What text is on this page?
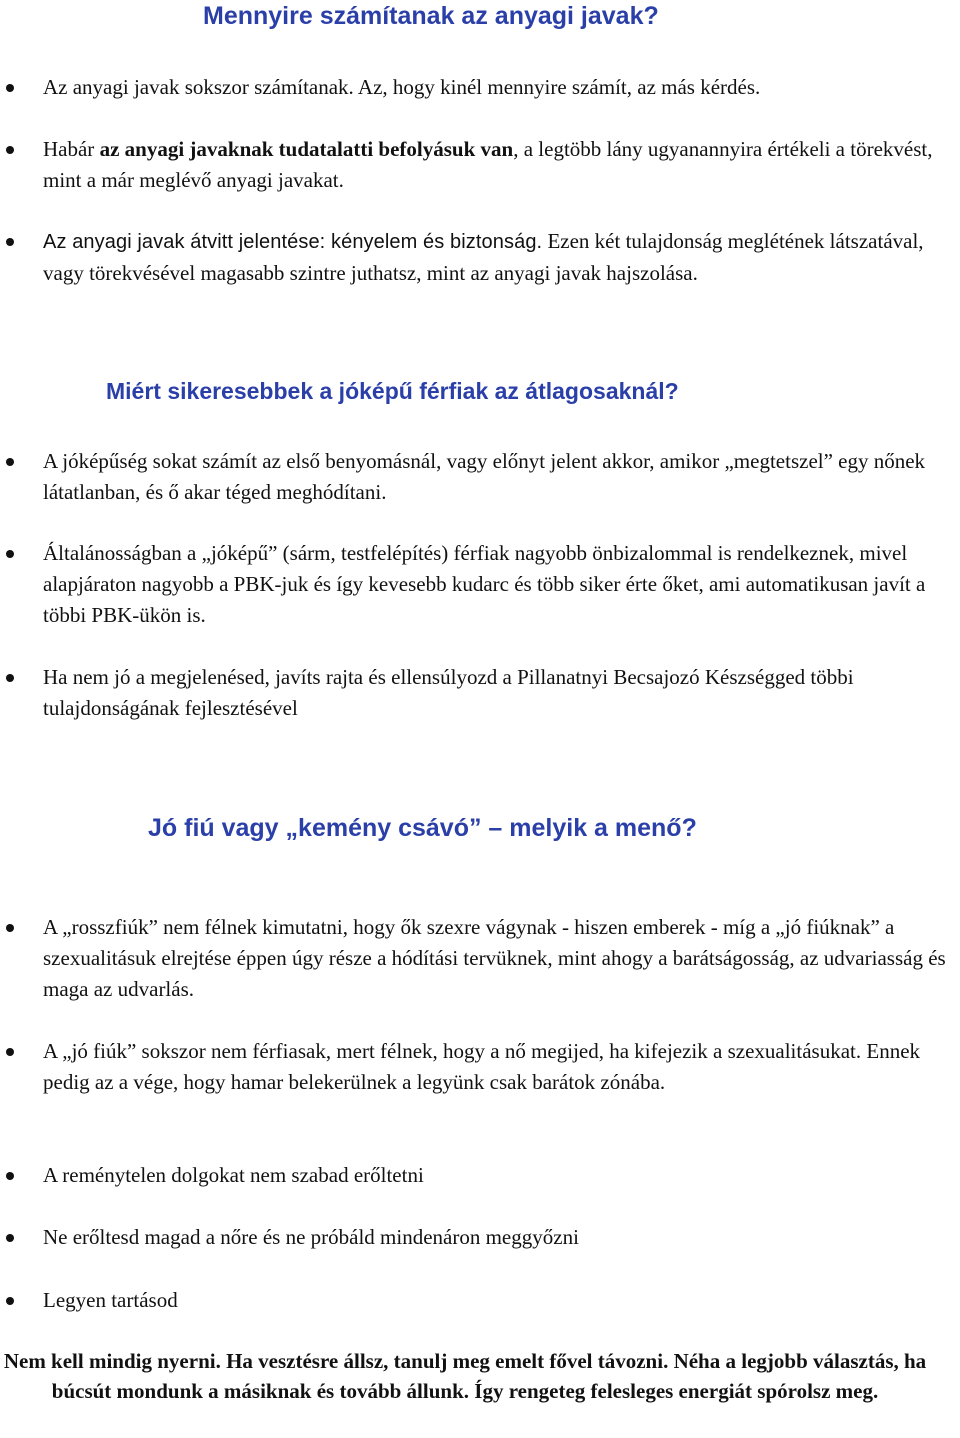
Mennyire számítanak az anyagi javak?
Az anyagi javak sokszor számítanak. Az, hogy kinél mennyire számít, az más kérdés.
Habár az anyagi javaknak tudatalatti befolyásuk van, a legtöbb lány ugyanannyira értékeli a törekvést, mint a már meglévő anyagi javakat.
Az anyagi javak átvitt jelentése: kényelem és biztonság. Ezen két tulajdonság meglétének látszatával, vagy törekvésével magasabb szintre juthatsz, mint az anyagi javak hajszolása.
Miért sikeresebbek a jóképű férfiak az átlagosaknál?
A jóképűség sokat számít az első benyomásnál, vagy előnyt jelent akkor, amikor „megtetszel” egy nőnek látatlanban, és ő akar téged meghódítani.
Általánosságban a „jóképű” (sárm, testfelépítés) férfiak nagyobb önbizalommal is rendelkeznek, mivel alapjáraton nagyobb a PBK-juk és így kevesebb kudarc és több siker érte őket, ami automatikusan javít a többi PBK-ükön is.
Ha nem jó a megjelenésed, javíts rajta és ellensúlyozd a Pillanatnyi Becsajozó Készségged többi tulajdonságának fejlesztésével
Jó fiú vagy „kemény csávó” – melyik a menő?
A „rosszfiúk” nem félnek kimutatni, hogy ők szexre vágynak - hiszen emberek - míg a „jó fiúknak” a szexualitásuk elrejtése éppen úgy része a hódítási tervüknek, mint ahogy a barátságosság, az udvariasság és maga az udvarlás.
A „jó fiúk” sokszor nem férfiasak, mert félnek, hogy a nő megijed, ha kifejezik a szexualitásukat. Ennek pedig az a vége, hogy hamar belekerülnek a legyünk csak barátok zónába.
A reménytelen dolgokat nem szabad erőltetni
Ne erőltesd magad a nőre és ne próbáld mindenáron meggyőzni
Legyen tartásod

Nem kell mindig nyerni. Ha vesztésre állsz, tanulj meg emelt fővel távozni. Néha a legjobb választás, ha búcsút mondunk a másiknak és tovább állunk. Így rengeteg felesleges energiát spórolsz meg.
